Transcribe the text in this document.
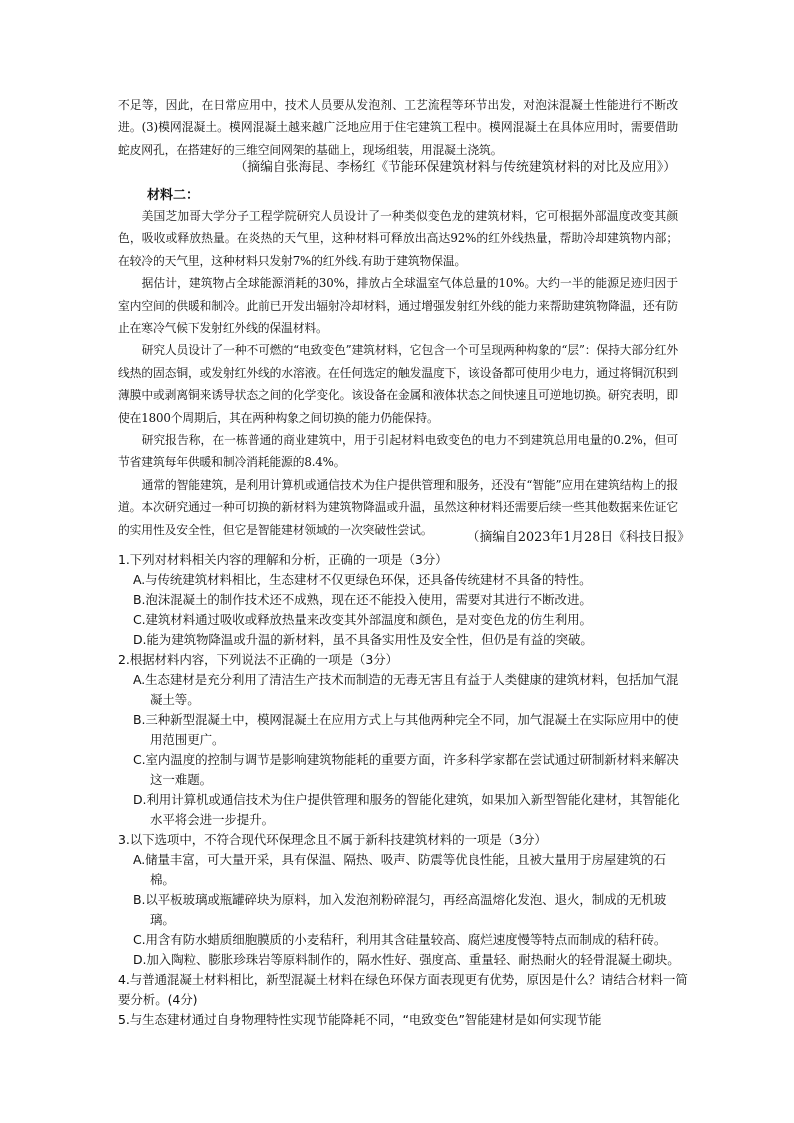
不足等，因此，在日常应用中，技术人员要从发泡剂、工艺流程等环节出发，对泡沫混凝土性能进行不断改进。(3)模网混凝土。模网混凝土越来越广泛地应用于住宅建筑工程中。模网混凝土在具体应用时，需要借助蛇皮网孔，在搭建好的三维空间网架的基础上，现场组装，用混凝土浇筑。

（摘编自张海昆、李杨红《节能环保建筑材料与传统建筑材料的对比及应用》）

材料二：

美国芝加哥大学分子工程学院研究人员设计了一种类似变色龙的建筑材料，它可根据外部温度改变其颜色，吸收或释放热量。在炎热的天气里，这种材料可释放出高达92%的红外线热量，帮助冷却建筑物内部；在较冷的天气里，这种材料只发射7%的红外线.有助于建筑物保温。

据估计，建筑物占全球能源消耗的30%，排放占全球温室气体总量的10%。大约一半的能源足迹归因于室内空间的供暖和制冷。此前已开发出辐射冷却材料，通过增强发射红外线的能力来帮助建筑物降温，还有防止在寒冷气候下发射红外线的保温材料。

研究人员设计了一种不可燃的“电致变色”建筑材料，它包含一个可呈现两种构象的“层”：保持大部分红外线热的固态铜，或发射红外线的水溶液。在任何选定的触发温度下，该设备都可使用少电力，通过将铜沉积到薄膜中或剥离铜来诱导状态之间的化学变化。该设备在金属和液体状态之间快速且可逆地切换。研究表明，即使在1800个周期后，其在两种构象之间切换的能力仍能保持。

研究报告称，在一栋普通的商业建筑中，用于引起材料电致变色的电力不到建筑总用电量的0.2%，但可节省建筑每年供暖和制冷消耗能源的8.4%。

通常的智能建筑，是利用计算机或通信技术为住户提供管理和服务，还没有“智能”应用在建筑结构上的报道。本次研究通过一种可切换的新材料为建筑物降温或升温，虽然这种材料还需要后续一些其他数据来佐证它的实用性及安全性，但它是智能建材领域的一次突破性尝试。

（摘编自2023年1月28日《科技日报》

1.下列对材料相关内容的理解和分析，正确的一项是（3分）

A.与传统建筑材料相比，生态建材不仅更绿色环保，还具备传统建材不具备的特性。

B.泡沫混凝土的制作技术还不成熟，现在还不能投入使用，需要对其进行不断改进。

C.建筑材料通过吸收或释放热量来改变其外部温度和颜色，是对变色龙的仿生利用。

D.能为建筑物降温或升温的新材料，虽不具备实用性及安全性，但仍是有益的突破。

2.根据材料内容，下列说法不正确的一项是（3分）

A.生态建材是充分利用了清洁生产技术而制造的无毒无害且有益于人类健康的建筑材料，包括加气混凝土等。

B.三种新型混凝土中，模网混凝土在应用方式上与其他两种完全不同，加气混凝土在实际应用中的使用范围更广。

C.室内温度的控制与调节是影响建筑物能耗的重要方面，许多科学家都在尝试通过研制新材料来解决这一难题。

D.利用计算机或通信技术为住户提供管理和服务的智能化建筑，如果加入新型智能化建材，其智能化水平将会进一步提升。

3.以下选项中，不符合现代环保理念且不属于新科技建筑材料的一项是（3分）

A.储量丰富，可大量开采，具有保温、隔热、吸声、防震等优良性能，且被大量用于房屋建筑的石棉。

B.以平板玻璃或瓶罐碎块为原料，加入发泡剂粉碎混匀，再经高温熔化发泡、退火，制成的无机玻璃。

C.用含有防水蜡质细胞膜质的小麦秸秆，利用其含硅量较高、腐烂速度慢等特点而制成的秸秆砖。

D.加入陶粒、膨胀珍珠岩等原料制作的，隔水性好、强度高、重量轻、耐热耐火的轻骨混凝土砌块。

4.与普通混凝土材料相比，新型混凝土材料在绿色环保方面表现更有优势，原因是什么？请结合材料一简要分析。(4分)

5.与生态建材通过自身物理特性实现节能降耗不同，“电致变色”智能建材是如何实现节能
